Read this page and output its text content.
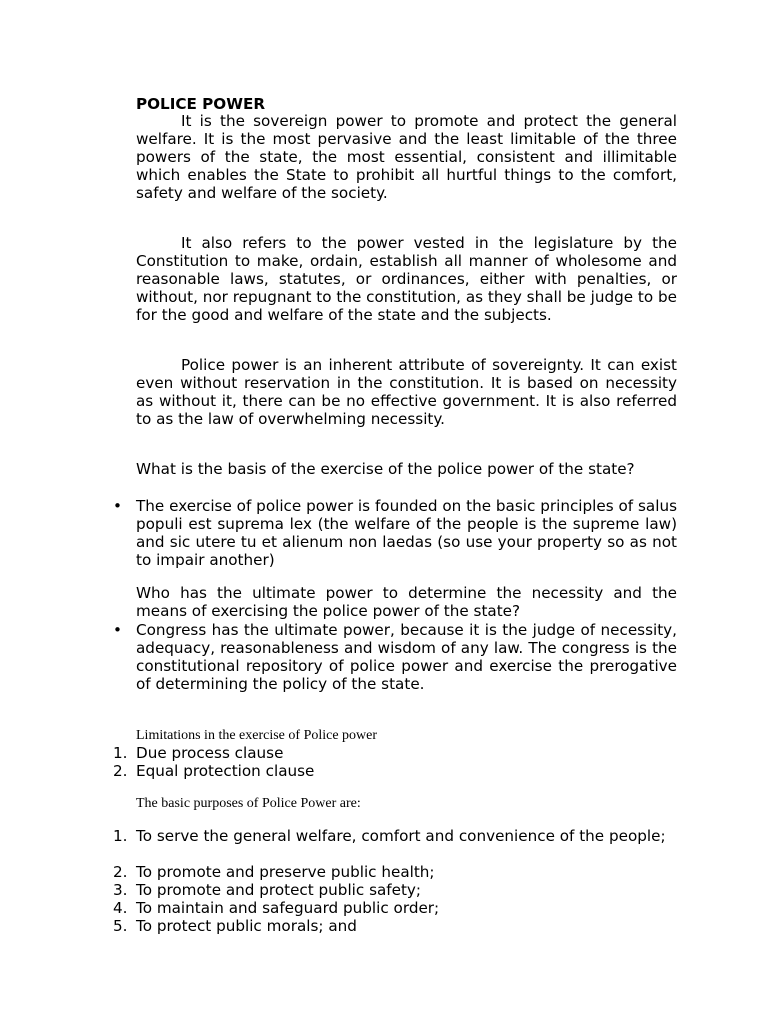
POLICE POWER

It is the sovereign power to promote and protect the general welfare. It is the most pervasive and the least limitable of the three powers of the state, the most essential, consistent and illimitable which enables the State to prohibit all hurtful things to the comfort, safety and welfare of the society.

It also refers to the power vested in the legislature by the Constitution to make, ordain, establish all manner of wholesome and reasonable laws, statutes, or ordinances, either with penalties, or without, nor repugnant to the constitution, as they shall be judge to be for the good and welfare of the state and the subjects.

Police power is an inherent attribute of sovereignty. It can exist even without reservation in the constitution. It is based on necessity as without it, there can be no effective government. It is also referred to as the law of overwhelming necessity.

What is the basis of the exercise of the police power of the state?

• The exercise of police power is founded on the basic principles of salus populi est suprema lex (the welfare of the people is the supreme law) and sic utere tu et alienum non laedas (so use your property so as not to impair another)

Who has the ultimate power to determine the necessity and the means of exercising the police power of the state?

• Congress has the ultimate power, because it is the judge of necessity, adequacy, reasonableness and wisdom of any law. The congress is the constitutional repository of police power and exercise the prerogative of determining the policy of the state.

Limitations in the exercise of Police power

1. Due process clause
2. Equal protection clause

The basic purposes of Police Power are:

1. To serve the general welfare, comfort and convenience of the people;
2. To promote and preserve public health;
3. To promote and protect public safety;
4. To maintain and safeguard public order;
5. To protect public morals; and
